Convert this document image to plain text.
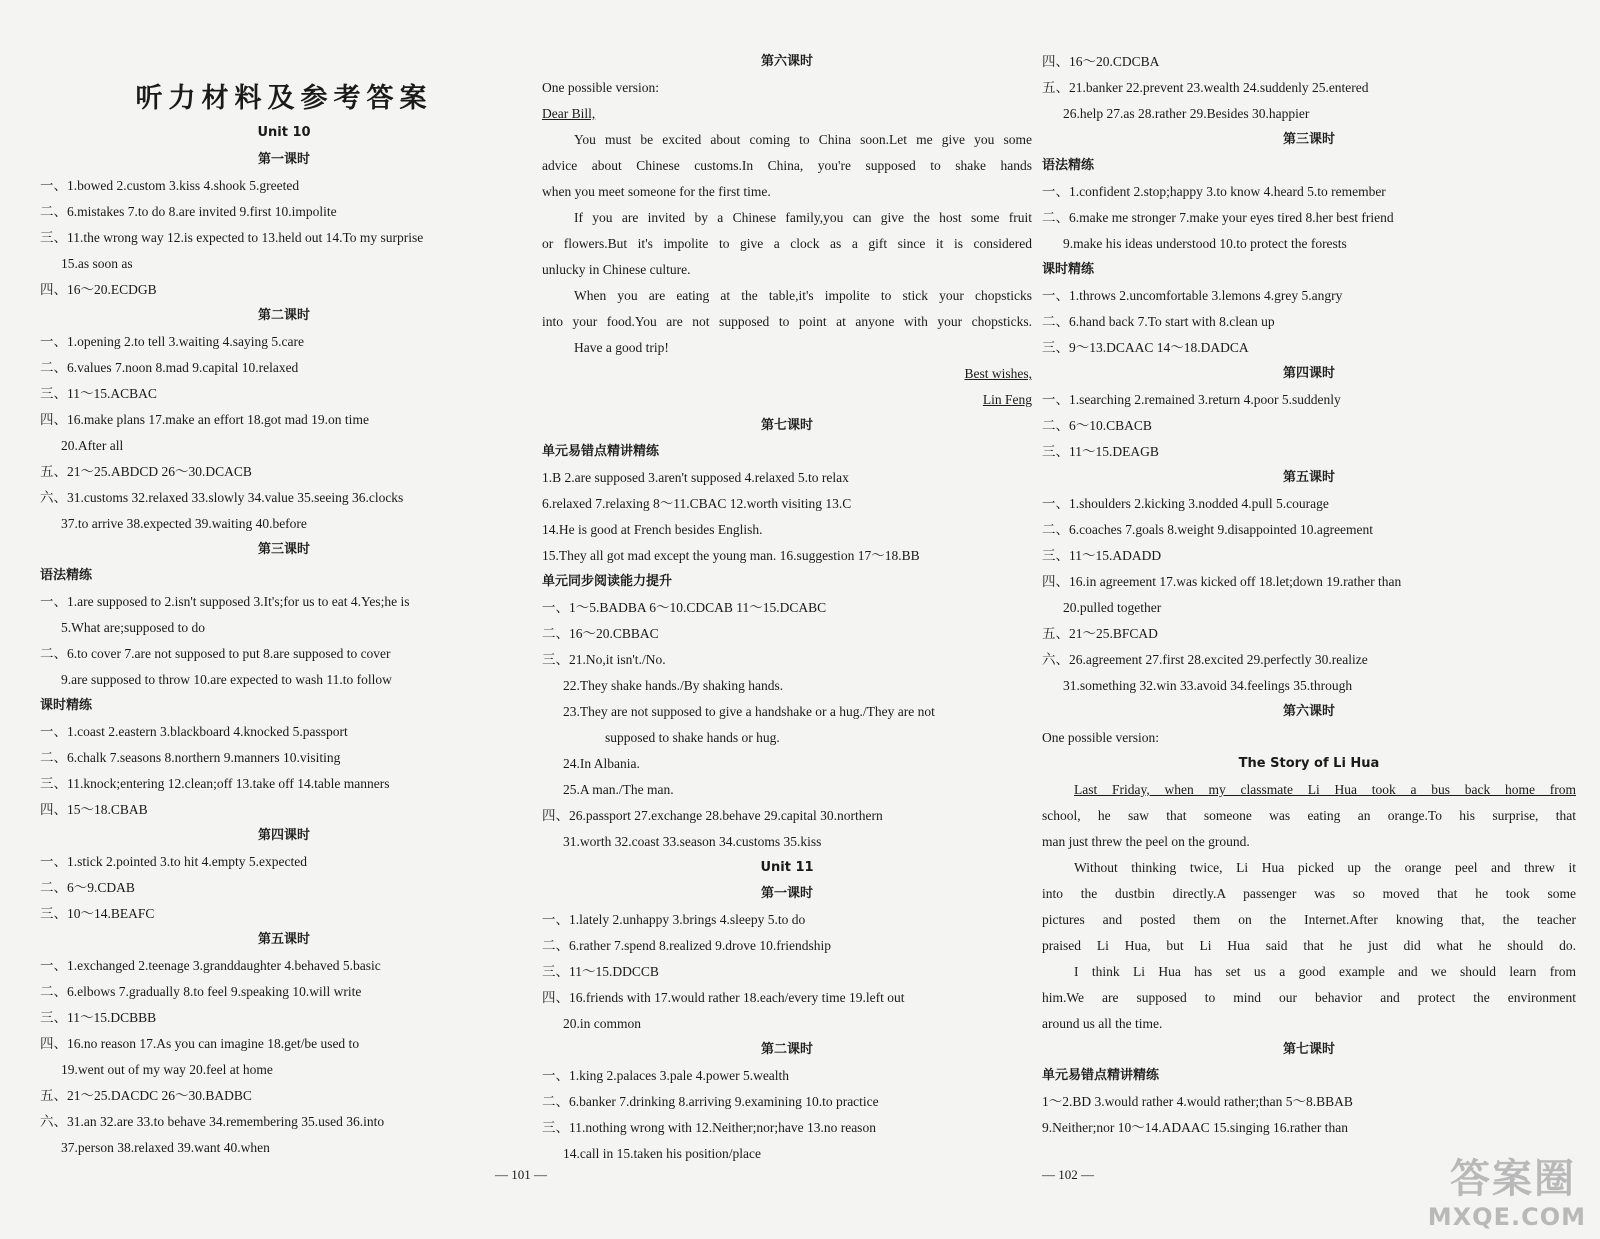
听力材料及参考答案
Unit 10
第一课时
一、1.bowed 2.custom 3.kiss 4.shook 5.greeted
二、6.mistakes 7.to do 8.are invited 9.first 10.impolite
三、11.the wrong way 12.is expected to 13.held out 14.To my surprise
15.as soon as
四、16～20.ECDGB
第二课时
一、1.opening 2.to tell 3.waiting 4.saying 5.care
二、6.values 7.noon 8.mad 9.capital 10.relaxed
三、11～15.ACBAC
四、16.make plans 17.make an effort 18.got mad 19.on time
20.After all
五、21～25.ABDCD 26～30.DCACB
六、31.customs 32.relaxed 33.slowly 34.value 35.seeing 36.clocks
37.to arrive 38.expected 39.waiting 40.before
第三课时
语法精练
一、1.are supposed to 2.isn't supposed 3.It's;for us to eat 4.Yes;he is
5.What are;supposed to do
二、6.to cover 7.are not supposed to put 8.are supposed to cover
9.are supposed to throw 10.are expected to wash 11.to follow
课时精练
一、1.coast 2.eastern 3.blackboard 4.knocked 5.passport
二、6.chalk 7.seasons 8.northern 9.manners 10.visiting
三、11.knock;entering 12.clean;off 13.take off 14.table manners
四、15～18.CBAB
第四课时
一、1.stick 2.pointed 3.to hit 4.empty 5.expected
二、6～9.CDAB
三、10～14.BEAFC
第五课时
一、1.exchanged 2.teenage 3.granddaughter 4.behaved 5.basic
二、6.elbows 7.gradually 8.to feel 9.speaking 10.will write
三、11～15.DCBBB
四、16.no reason 17.As you can imagine 18.get/be used to
19.went out of my way 20.feel at home
五、21～25.DACDC 26～30.BADBC
六、31.an 32.are 33.to behave 34.remembering 35.used 36.into
37.person 38.relaxed 39.want 40.when
第六课时
One possible version:
Dear Bill,
You must be excited about coming to China soon.Let me give you some
advice about Chinese customs.In China, you're supposed to shake hands
when you meet someone for the first time.
If you are invited by a Chinese family,you can give the host some fruit
or flowers.But it's impolite to give a clock as a gift since it is considered
unlucky in Chinese culture.
When you are eating at the table,it's impolite to stick your chopsticks
into your food.You are not supposed to point at anyone with your chopsticks.
Have a good trip!
Best wishes,
Lin Feng
第七课时
单元易错点精讲精练
1.B 2.are supposed 3.aren't supposed 4.relaxed 5.to relax
6.relaxed 7.relaxing 8～11.CBAC 12.worth visiting 13.C
14.He is good at French besides English.
15.They all got mad except the young man. 16.suggestion 17～18.BB
单元同步阅读能力提升
一、1～5.BADBA 6～10.CDCAB 11～15.DCABC
二、16～20.CBBAC
三、21.No,it isn't./No.
22.They shake hands./By shaking hands.
23.They are not supposed to give a handshake or a hug./They are not
supposed to shake hands or hug.
24.In Albania.
25.A man./The man.
四、26.passport 27.exchange 28.behave 29.capital 30.northern
31.worth 32.coast 33.season 34.customs 35.kiss
Unit 11
第一课时
一、1.lately 2.unhappy 3.brings 4.sleepy 5.to do
二、6.rather 7.spend 8.realized 9.drove 10.friendship
三、11～15.DDCCB
四、16.friends with 17.would rather 18.each/every time 19.left out
20.in common
第二课时
一、1.king 2.palaces 3.pale 4.power 5.wealth
二、6.banker 7.drinking 8.arriving 9.examining 10.to practice
三、11.nothing wrong with 12.Neither;nor;have 13.no reason
14.call in 15.taken his position/place
四、16～20.CDCBA
五、21.banker 22.prevent 23.wealth 24.suddenly 25.entered
26.help 27.as 28.rather 29.Besides 30.happier
第三课时
语法精练
一、1.confident 2.stop;happy 3.to know 4.heard 5.to remember
二、6.make me stronger 7.make your eyes tired 8.her best friend
9.make his ideas understood 10.to protect the forests
课时精练
一、1.throws 2.uncomfortable 3.lemons 4.grey 5.angry
二、6.hand back 7.To start with 8.clean up
三、9～13.DCAAC 14～18.DADCA
第四课时
一、1.searching 2.remained 3.return 4.poor 5.suddenly
二、6～10.CBACB
三、11～15.DEAGB
第五课时
一、1.shoulders 2.kicking 3.nodded 4.pull 5.courage
二、6.coaches 7.goals 8.weight 9.disappointed 10.agreement
三、11～15.ADADD
四、16.in agreement 17.was kicked off 18.let;down 19.rather than
20.pulled together
五、21～25.BFCAD
六、26.agreement 27.first 28.excited 29.perfectly 30.realize
31.something 32.win 33.avoid 34.feelings 35.through
第六课时
One possible version:
The Story of Li Hua
Last Friday, when my classmate Li Hua took a bus back home from
school, he saw that someone was eating an orange.To his surprise, that
man just threw the peel on the ground.
Without thinking twice, Li Hua picked up the orange peel and threw it
into the dustbin directly.A passenger was so moved that he took some
pictures and posted them on the Internet.After knowing that, the teacher
praised Li Hua, but Li Hua said that he just did what he should do.
I think Li Hua has set us a good example and we should learn from
him.We are supposed to mind our behavior and protect the environment
around us all the time.
第七课时
单元易错点精讲精练
1～2.BD 3.would rather 4.would rather;than 5～8.BBAB
9.Neither;nor 10～14.ADAAC 15.singing 16.rather than
— 101 —	— 102 —	答案圈
MXQE.COM
